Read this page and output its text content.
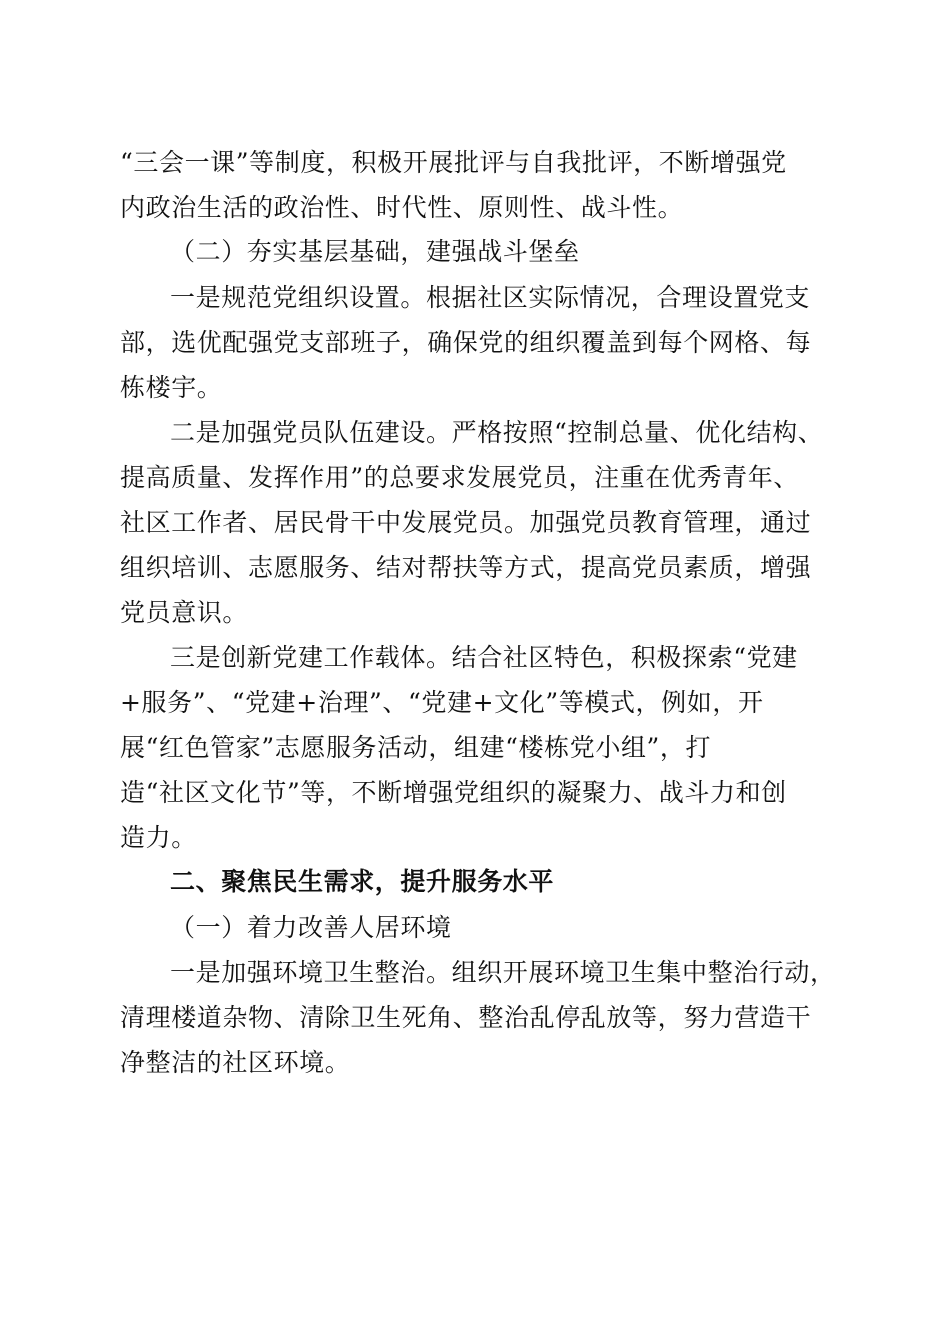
“三会一课”等制度，积极开展批评与自我批评，不断增强党
内政治生活的政治性、时代性、原则性、战斗性。
（二）夯实基层基础，建强战斗堡垒
一是规范党组织设置。根据社区实际情况，合理设置党支
部，选优配强党支部班子，确保党的组织覆盖到每个网格、每
栋楼宇。
二是加强党员队伍建设。严格按照“控制总量、优化结构、
提高质量、发挥作用”的总要求发展党员，注重在优秀青年、
社区工作者、居民骨干中发展党员。加强党员教育管理，通过
组织培训、志愿服务、结对帮扶等方式，提高党员素质，增强
党员意识。
三是创新党建工作载体。结合社区特色，积极探索“党建
+服务”、“党建+治理”、“党建+文化”等模式，例如，开
展“红色管家”志愿服务活动，组建“楼栋党小组”，打
造“社区文化节”等，不断增强党组织的凝聚力、战斗力和创
造力。
二、聚焦民生需求，提升服务水平
（一）着力改善人居环境
一是加强环境卫生整治。组织开展环境卫生集中整治行动，
清理楼道杂物、清除卫生死角、整治乱停乱放等，努力营造干
净整洁的社区环境。
